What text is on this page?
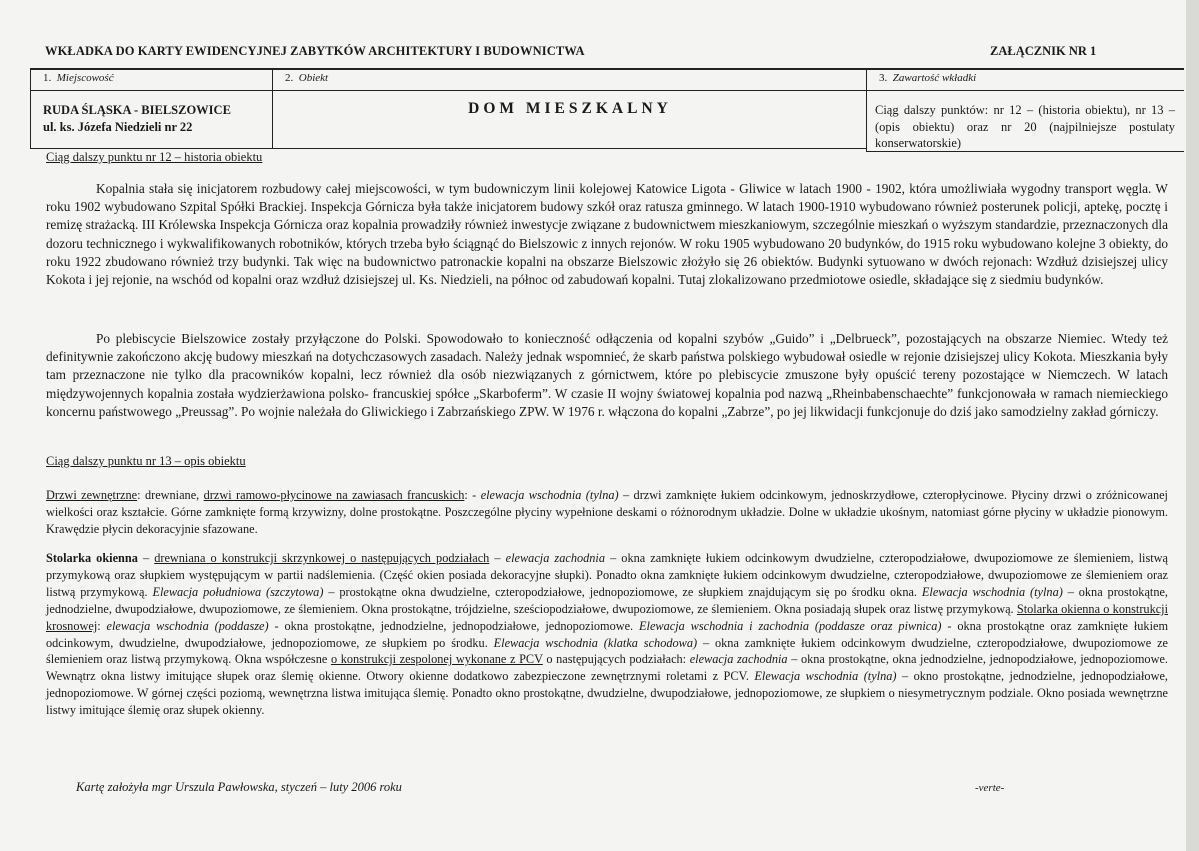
WKŁADKA DO KARTY EWIDENCYJNEJ ZABYTKÓW ARCHITEKTURY I BUDOWNICTWA	ZAŁĄCZNIK NR 1
1. Miejscowość
RUDA ŚLĄSKA - BIELSZOWICE
ul. ks. Józefa Niedzieli nr 22
2. Obiekt
DOM MIESZKALNY
3. Zawartość wkładki
Ciąg dalszy punktów: nr 12 – (historia obiektu), nr 13 – (opis obiektu) oraz nr 20 (najpilniejsze postulaty konserwatorskie)
Ciąg dalszy punktu nr 12 – historia obiektu
Kopalnia stała się inicjatorem rozbudowy całej miejscowości, w tym budowniczym linii kolejowej Katowice Ligota - Gliwice w latach 1900 - 1902, która umożliwiała wygodny transport węgla. W roku 1902 wybudowano Szpital Spółki Brackiej. Inspekcja Górnicza była także inicjatorem budowy szkół oraz ratusza gminnego. W latach 1900-1910 wybudowano również posterunek policji, aptekę, pocztę i remizę strażacką. III Królewska Inspekcja Górnicza oraz kopalnia prowadziły również inwestycje związane z budownictwem mieszkaniowym, szczególnie mieszkań o wyższym standardzie, przeznaczonych dla dozoru technicznego i wykwalifikowanych robotników, których trzeba było ściągnąć do Bielszowic z innych rejonów. W roku 1905 wybudowano 20 budynków, do 1915 roku wybudowano kolejne 3 obiekty, do roku 1922 zbudowano również trzy budynki. Tak więc na budownictwo patronackie kopalni na obszarze Bielszowic złożyło się 26 obiektów. Budynki sytuowano w dwóch rejonach: Wzdłuż dzisiejszej ulicy Kokota i jej rejonie, na wschód od kopalni oraz wzdłuż dzisiejszej ul. Ks. Niedzieli, na północ od zabudowań kopalni. Tutaj zlokalizowano przedmiotowe osiedle, składające się z siedmiu budynków.
Po plebiscycie Bielszowice zostały przyłączone do Polski. Spowodowało to konieczność odłączenia od kopalni szybów „Guido” i „Delbrueck”, pozostających na obszarze Niemiec. Wtedy też definitywnie zakończono akcję budowy mieszkań na dotychczasowych zasadach. Należy jednak wspomnieć, że skarb państwa polskiego wybudował osiedle w rejonie dzisiejszej ulicy Kokota. Mieszkania były tam przeznaczone nie tylko dla pracowników kopalni, lecz również dla osób niezwiązanych z górnictwem, które po plebiscycie zmuszone były opuścić tereny pozostające w Niemczech. W latach międzywojennych kopalnia została wydzierżawiona polsko- francuskiej spółce „Skarboferm”. W czasie II wojny światowej kopalnia pod nazwą „Rheinbabenschaechte” funkcjonowała w ramach niemieckiego koncernu państwowego „Preussag”. Po wojnie należała do Gliwickiego i Zabrzańskiego ZPW. W 1976 r. włączona do kopalni „Zabrze”, po jej likwidacji funkcjonuje do dziś jako samodzielny zakład górniczy.
Ciąg dalszy punktu nr 13 – opis obiektu
Drzwi zewnętrzne: drewniane, drzwi ramowo-płycinowe na zawiasach francuskich: - elewacja wschodnia (tylna) – drzwi zamknięte łukiem odcinkowym, jednoskrzydłowe, czteropłycinowe. Płyciny drzwi o zróżnicowanej wielkości oraz kształcie. Górne zamknięte formą krzywizny, dolne prostokątne. Poszczególne płyciny wypełnione deskami o różnorodnym układzie. Dolne w układzie ukośnym, natomiast górne płyciny w układzie pionowym. Krawędzie płycin dekoracyjnie sfazowane.
Stolarka okienna – drewniana o konstrukcji skrzynkowej o następujących podziałach – elewacja zachodnia – okna zamknięte łukiem odcinkowym dwudzielne, czteropodziałowe, dwupoziomowe ze ślemieniem, listwą przymykową oraz słupkiem występującym w partii nadślemienia. (Część okien posiada dekoracyjne słupki). Ponadto okna zamknięte łukiem odcinkowym dwudzielne, czteropodziałowe, dwupoziomowe ze ślemieniem oraz listwą przymykową. Elewacja południowa (szczytowa) – prostokątne okna dwudzielne, czteropodziałowe, jednopoziomowe, ze słupkiem znajdującym się po środku okna. Elewacja wschodnia (tylna) – okna prostokątne, jednodzielne, dwupodziałowe, dwupoziomowe, ze ślemieniem. Okna prostokątne, trójdzielne, sześciopodziałowe, dwupoziomowe, ze ślemieniem. Okna posiadają słupek oraz listwę przymykową. Stolarka okienna o konstrukcji krosnowej: elewacja wschodnia (poddasze) - okna prostokątne, jednodzielne, jednopodziałowe, jednopoziomowe. Elewacja wschodnia i zachodnia (poddasze oraz piwnica) - okna prostokątne oraz zamknięte łukiem odcinkowym, dwudzielne, dwupodziałowe, jednopoziomowe, ze słupkiem po środku. Elewacja wschodnia (klatka schodowa) – okna zamknięte łukiem odcinkowym dwudzielne, czteropodziałowe, dwupoziomowe ze ślemieniem oraz listwą przymykową. Okna współczesne o konstrukcji zespolonej wykonane z PCV o następujących podziałach: elewacja zachodnia – okna prostokątne, okna jednodzielne, jednopodziałowe, jednopoziomowe. Wewnątrz okna listwy imitujące słupek oraz ślemię okienne. Otwory okienne dodatkowo zabezpieczone zewnętrznymi roletami z PCV. Elewacja wschodnia (tylna) – okno prostokątne, jednodzielne, jednopodziałowe, jednopoziomowe. W górnej części poziomą, wewnętrzna listwa imitująca ślemię. Ponadto okno prostokątne, dwudzielne, dwupodziałowe, jednopoziomowe, ze słupkiem o niesymetrycznym podziale. Okno posiada wewnętrzne listwy imitujące ślemię oraz słupek okienny.
Kartę założyła mgr Urszula Pawłowska, styczeń – luty 2006 roku	-verte-
